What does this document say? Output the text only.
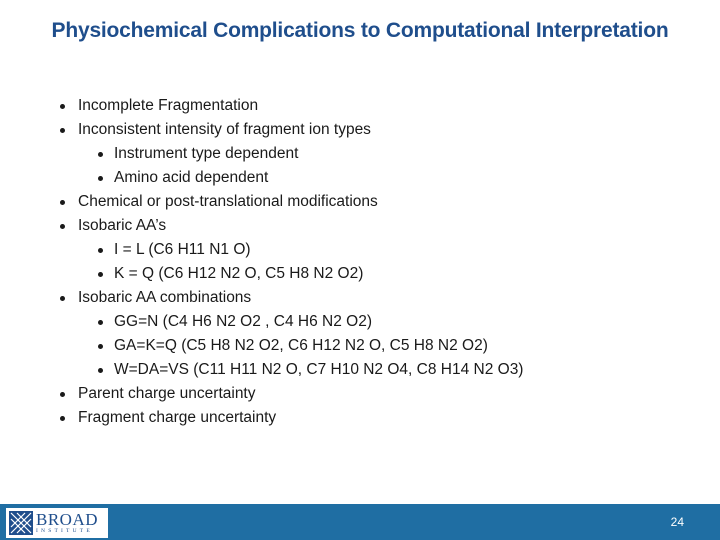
Physiochemical Complications to Computational Interpretation
Incomplete Fragmentation
Inconsistent intensity of fragment ion types
Instrument type dependent
Amino acid dependent
Chemical or post-translational modifications
Isobaric AA’s
I = L (C6 H11 N1 O)
K = Q (C6 H12 N2 O, C5 H8 N2 O2)
Isobaric AA combinations
GG=N (C4 H6 N2 O2 , C4 H6 N2 O2)
GA=K=Q (C5 H8 N2 O2, C6 H12 N2 O, C5 H8 N2 O2)
W=DA=VS (C11 H11 N2 O, C7 H10 N2 O4, C8 H14 N2 O3)
Parent charge uncertainty
Fragment charge uncertainty
BROAD
INSTITUTE
24
